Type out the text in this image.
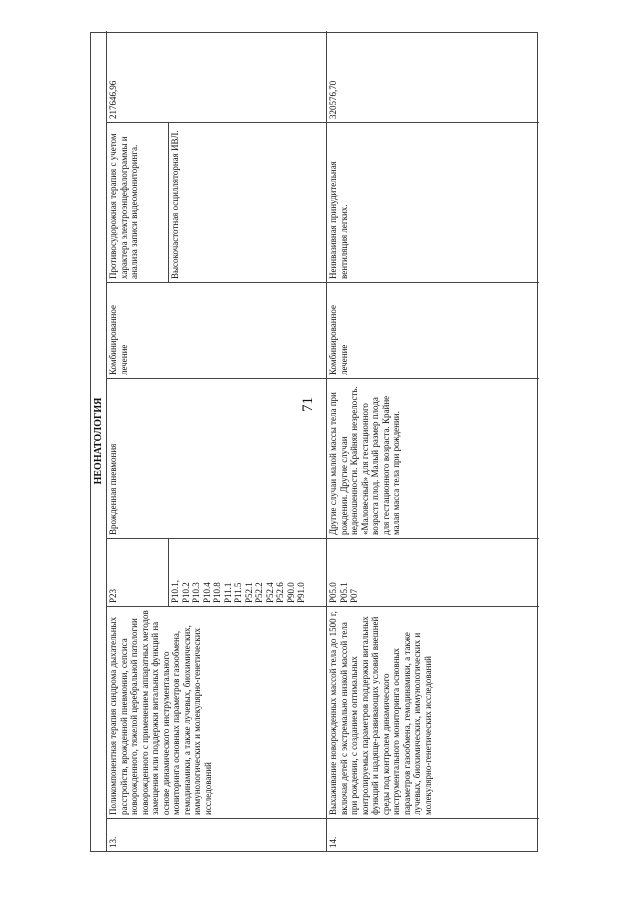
71
НЕОНАТОЛОГИЯ
13.
Поликомпонентная терапия синдрома дыхательных расстройств, врожденной пневмонии, сепсиса новорожденного, тяжелой церебральной патологии новорожденного с применением аппаратных методов замещения или поддержки витальных функций на основе динамического инструментального мониторинга основных параметров газообмена, гемодинамики, а также лучевых, биохимических, иммунологических и молекулярно-генетических исследований
P23	P10.1, P10.2 P10.3 P10.4 P10.8 P11.1 P11.5 P52.1 P52.2 P52.4 P52.6 P90.0 P91.0
Врожденная пневмония
Комбинированное лечение
Противосудорожная терапия с учетом характера электроэнцефалограммы и анализа записи видеомониторинга.	Высокочастотная осцилляторная ИВЛ.
217646,96
14.
Выхаживание новорожденных массой тела до 1500 г, включая детей с экстремально низкой массой тела при рождении, с созданием оптимальных контролируемых параметров поддержки витальных функций и щадяще-развивающих условий внешней среды под контролем динамического инструментального мониторинга основных параметров газообмена, гемодинамики, а также лучевых, биохимических, иммунологических и молекулярно-генетических исследований
P05.0 P05.1 P07
Другие случаи малой массы тела при рождении. Другие случаи недоношенности. Крайняя незрелость. «Маловесный» для гестационного возраста плод. Малый размер плода для гестационного возраста. Крайне малая масса тела при рождении.
Комбинированное лечение
Неинвазивная принудительная вентиляция легких.
320576,70
